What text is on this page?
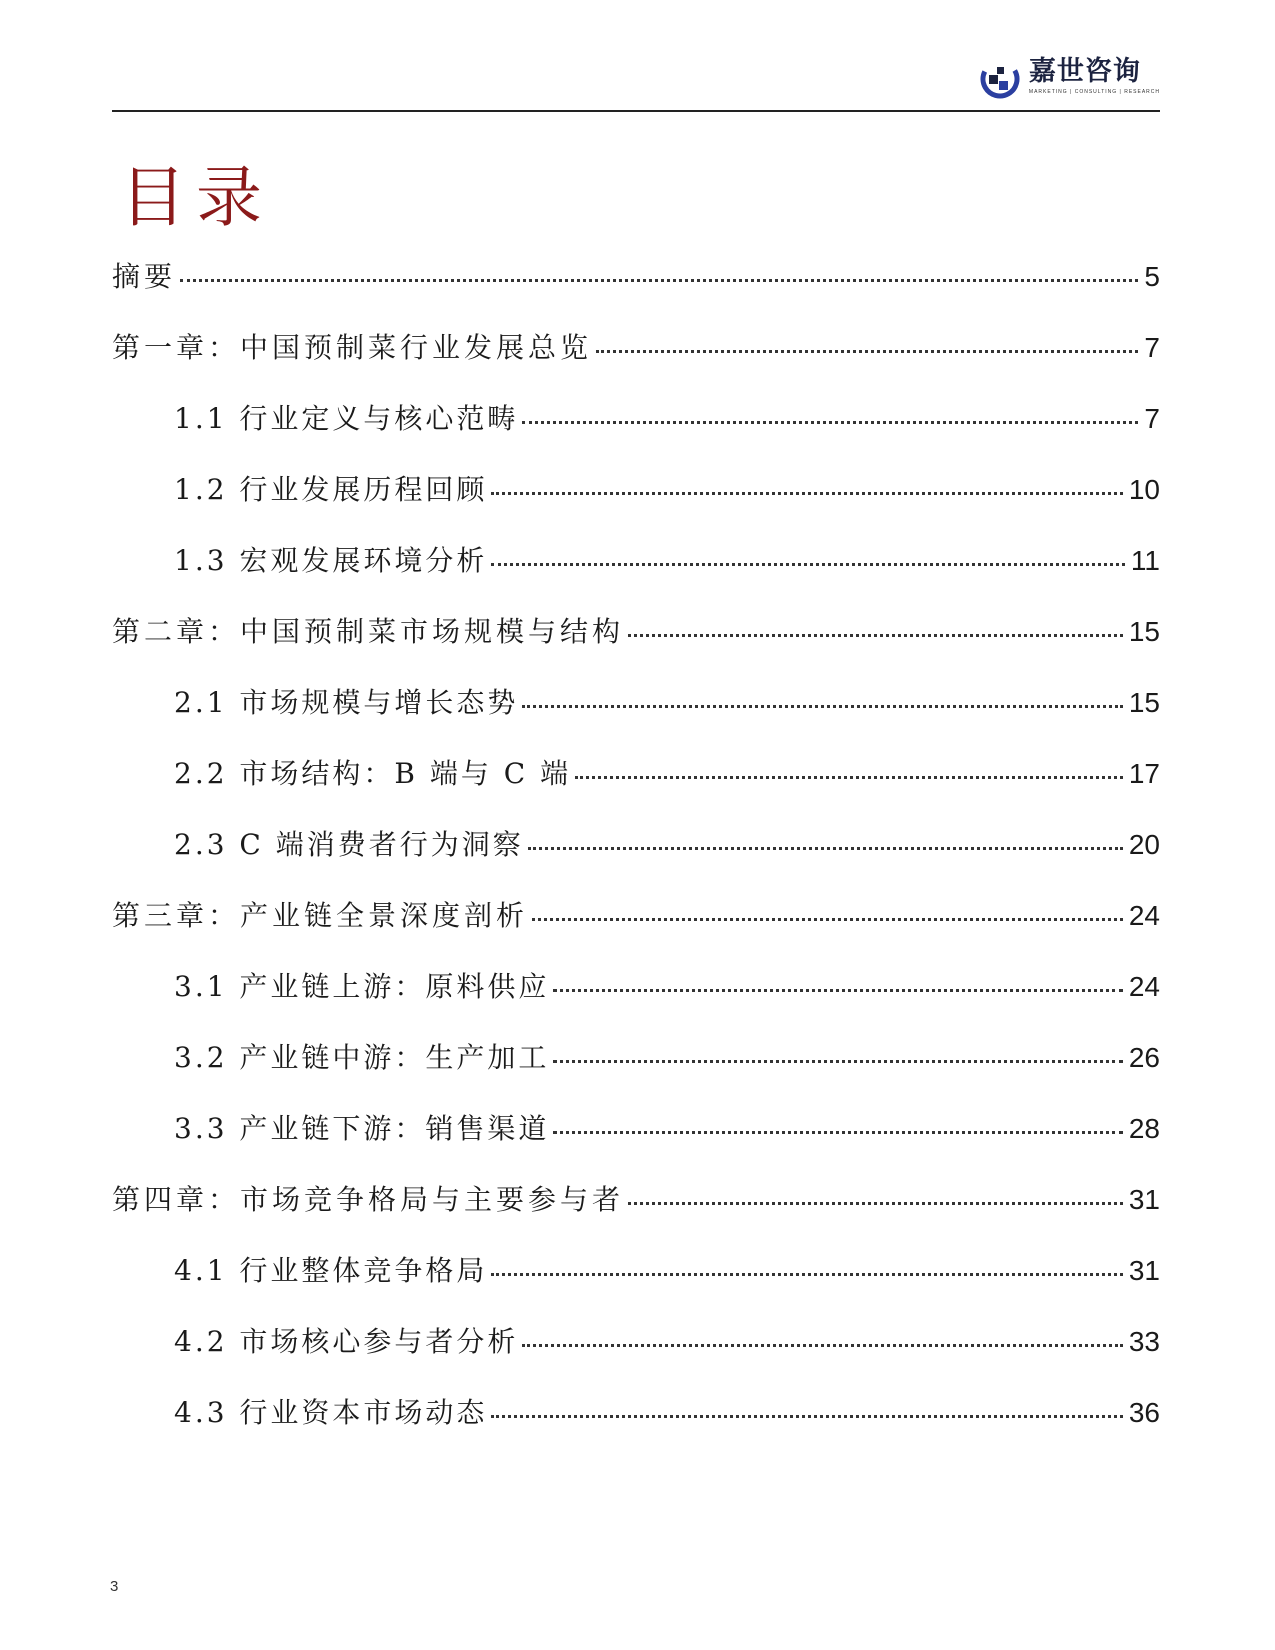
嘉世咨询
MARKETING | CONSULTING | RESEARCH
目录
摘要	5
第一章：中国预制菜行业发展总览	7
1.1 行业定义与核心范畴	7
1.2 行业发展历程回顾	10
1.3 宏观发展环境分析	11
第二章：中国预制菜市场规模与结构	15
2.1 市场规模与增长态势	15
2.2 市场结构：B 端与 C 端	17
2.3 C 端消费者行为洞察	20
第三章：产业链全景深度剖析	24
3.1 产业链上游：原料供应	24
3.2 产业链中游：生产加工	26
3.3 产业链下游：销售渠道	28
第四章：市场竞争格局与主要参与者	31
4.1 行业整体竞争格局	31
4.2 市场核心参与者分析	33
4.3 行业资本市场动态	36
3
